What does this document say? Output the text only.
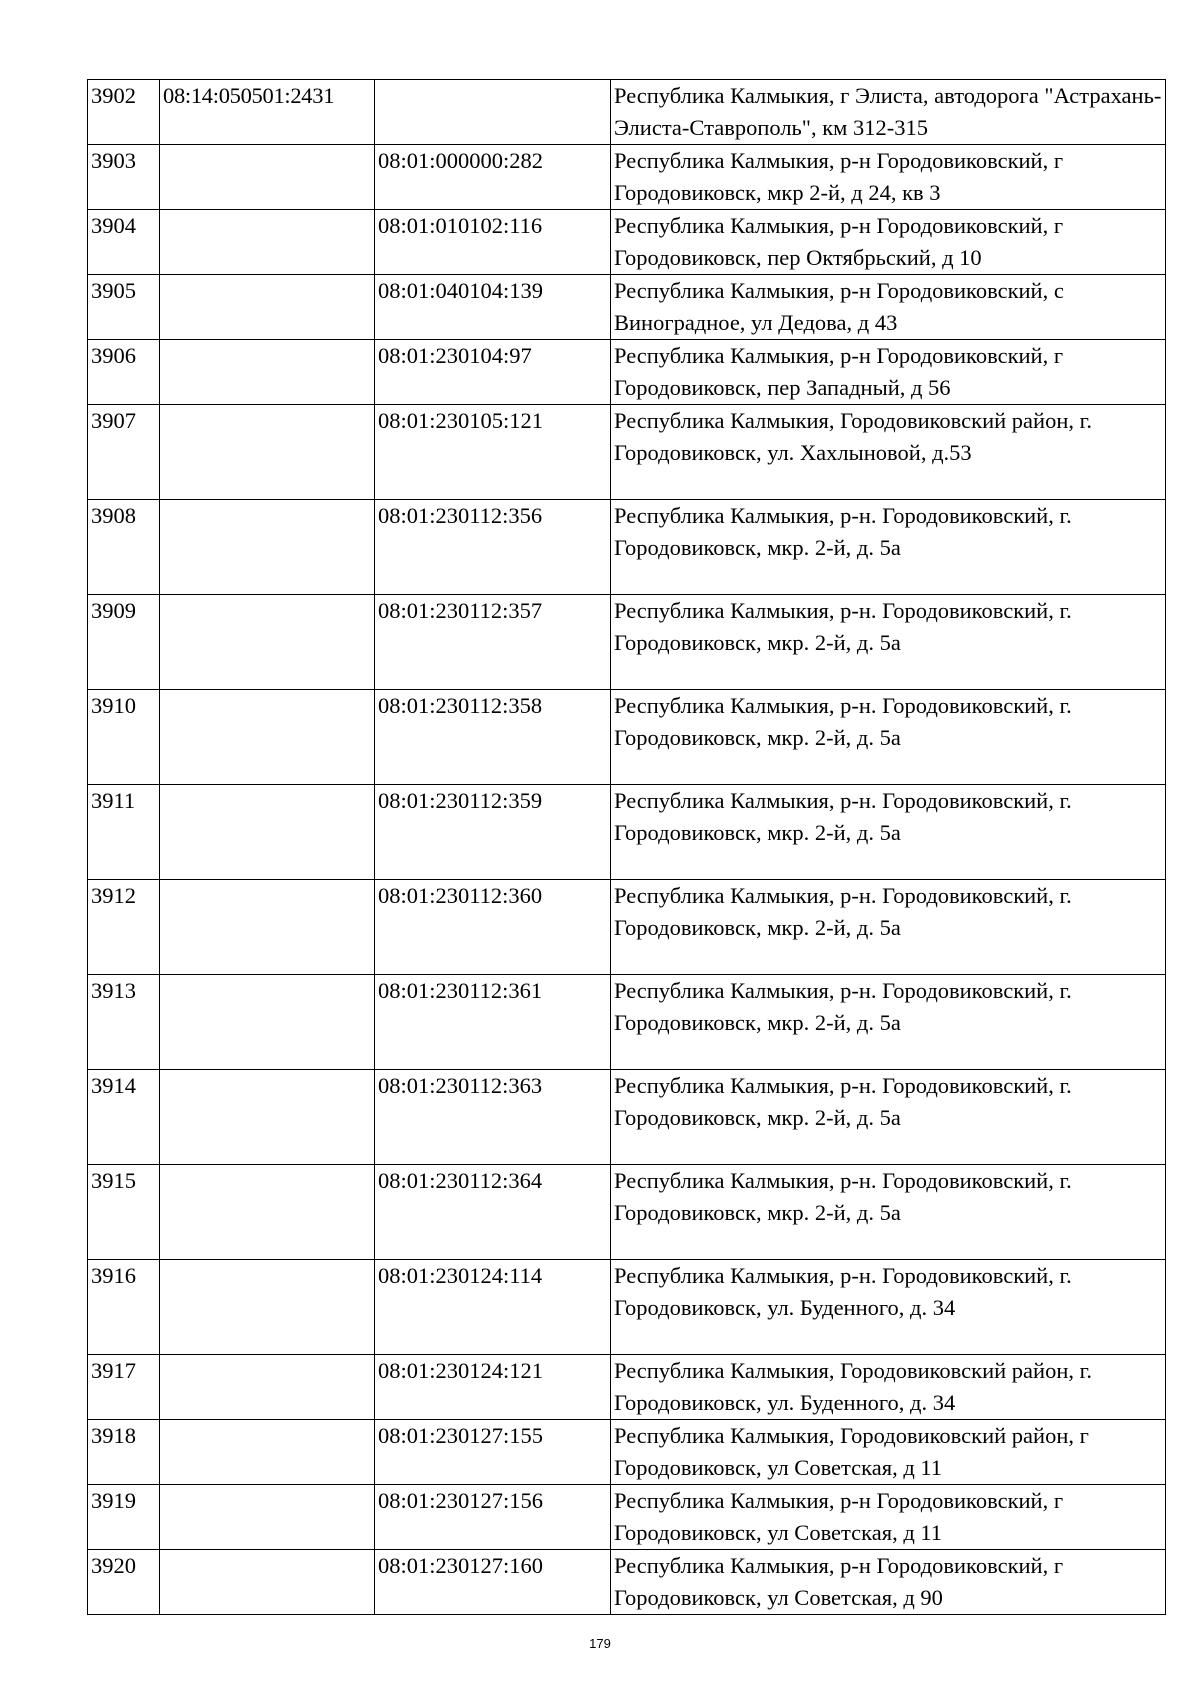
3902	08:14:050501:2431		Республика Калмыкия, г Элиста, автодорога "Астрахань-Элиста-Ставрополь", км 312-315
3903		08:01:000000:282	Республика Калмыкия, р-н Городовиковский, г Городовиковск, мкр 2-й, д 24, кв 3
3904		08:01:010102:116	Республика Калмыкия, р-н Городовиковский, г Городовиковск, пер Октябрьский, д 10
3905		08:01:040104:139	Республика Калмыкия, р-н Городовиковский, с Виноградное, ул Дедова, д 43
3906		08:01:230104:97	Республика Калмыкия, р-н Городовиковский, г Городовиковск, пер Западный, д 56
3907		08:01:230105:121	Республика Калмыкия, Городовиковский район, г. Городовиковск, ул. Хахлыновой, д.53
3908		08:01:230112:356	Республика Калмыкия, р-н. Городовиковский, г. Городовиковск, мкр. 2-й, д. 5а
3909		08:01:230112:357	Республика Калмыкия, р-н. Городовиковский, г. Городовиковск, мкр. 2-й, д. 5а
3910		08:01:230112:358	Республика Калмыкия, р-н. Городовиковский, г. Городовиковск, мкр. 2-й, д. 5а
3911		08:01:230112:359	Республика Калмыкия, р-н. Городовиковский, г. Городовиковск, мкр. 2-й, д. 5а
3912		08:01:230112:360	Республика Калмыкия, р-н. Городовиковский, г. Городовиковск, мкр. 2-й, д. 5а
3913		08:01:230112:361	Республика Калмыкия, р-н. Городовиковский, г. Городовиковск, мкр. 2-й, д. 5а
3914		08:01:230112:363	Республика Калмыкия, р-н. Городовиковский, г. Городовиковск, мкр. 2-й, д. 5а
3915		08:01:230112:364	Республика Калмыкия, р-н. Городовиковский, г. Городовиковск, мкр. 2-й, д. 5а
3916		08:01:230124:114	Республика Калмыкия, р-н. Городовиковский, г. Городовиковск, ул. Буденного, д. 34
3917		08:01:230124:121	Республика Калмыкия, Городовиковский район, г. Городовиковск, ул. Буденного, д. 34
3918		08:01:230127:155	Республика Калмыкия, Городовиковский район, г Городовиковск, ул Советская, д 11
3919		08:01:230127:156	Республика Калмыкия, р-н Городовиковский, г Городовиковск, ул Советская, д 11
3920		08:01:230127:160	Республика Калмыкия, р-н Городовиковский, г Городовиковск, ул Советская, д 90
179
